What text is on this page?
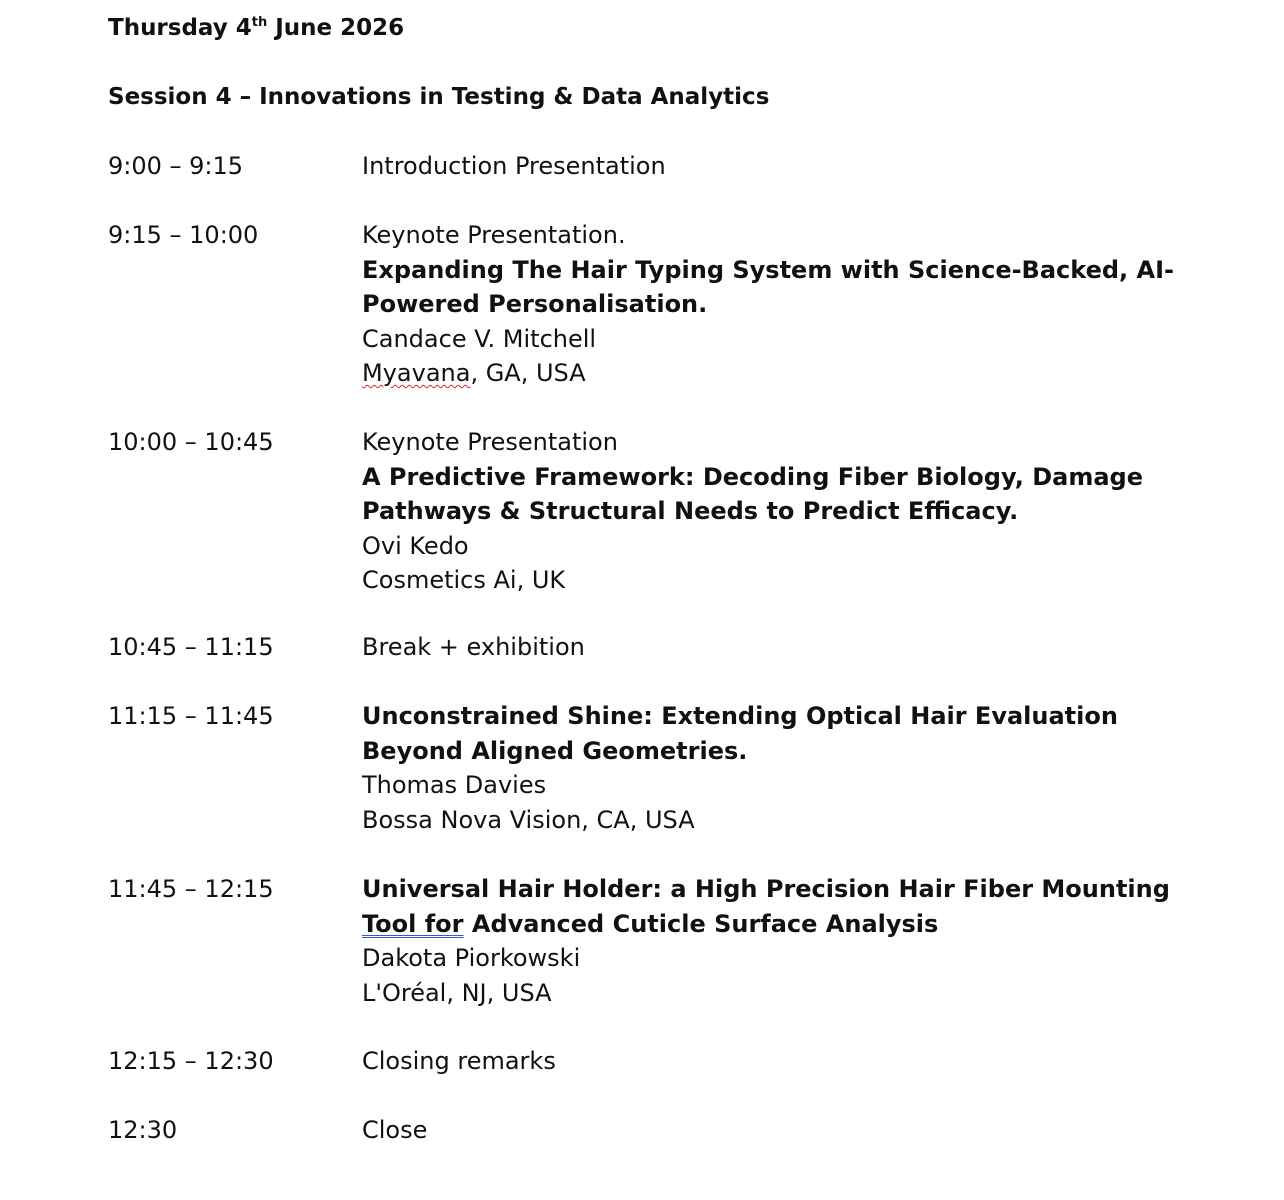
Thursday 4th June 2026
Session 4 – Innovations in Testing & Data Analytics
9:00 – 9:15	Introduction Presentation
9:15 – 10:00	Keynote Presentation.
Expanding The Hair Typing System with Science-Backed, AI-
Powered Personalisation.
Candace V. Mitchell
Myavana, GA, USA
10:00 – 10:45	Keynote Presentation
A Predictive Framework: Decoding Fiber Biology, Damage
Pathways & Structural Needs to Predict Efficacy.
Ovi Kedo
Cosmetics Ai, UK
10:45 – 11:15	Break + exhibition
11:15 – 11:45	Unconstrained Shine: Extending Optical Hair Evaluation
Beyond Aligned Geometries.
Thomas Davies
Bossa Nova Vision, CA, USA
11:45 – 12:15	Universal Hair Holder: a High Precision Hair Fiber Mounting
Tool for Advanced Cuticle Surface Analysis
Dakota Piorkowski
L'Oréal, NJ, USA
12:15 – 12:30	Closing remarks
12:30	Close
